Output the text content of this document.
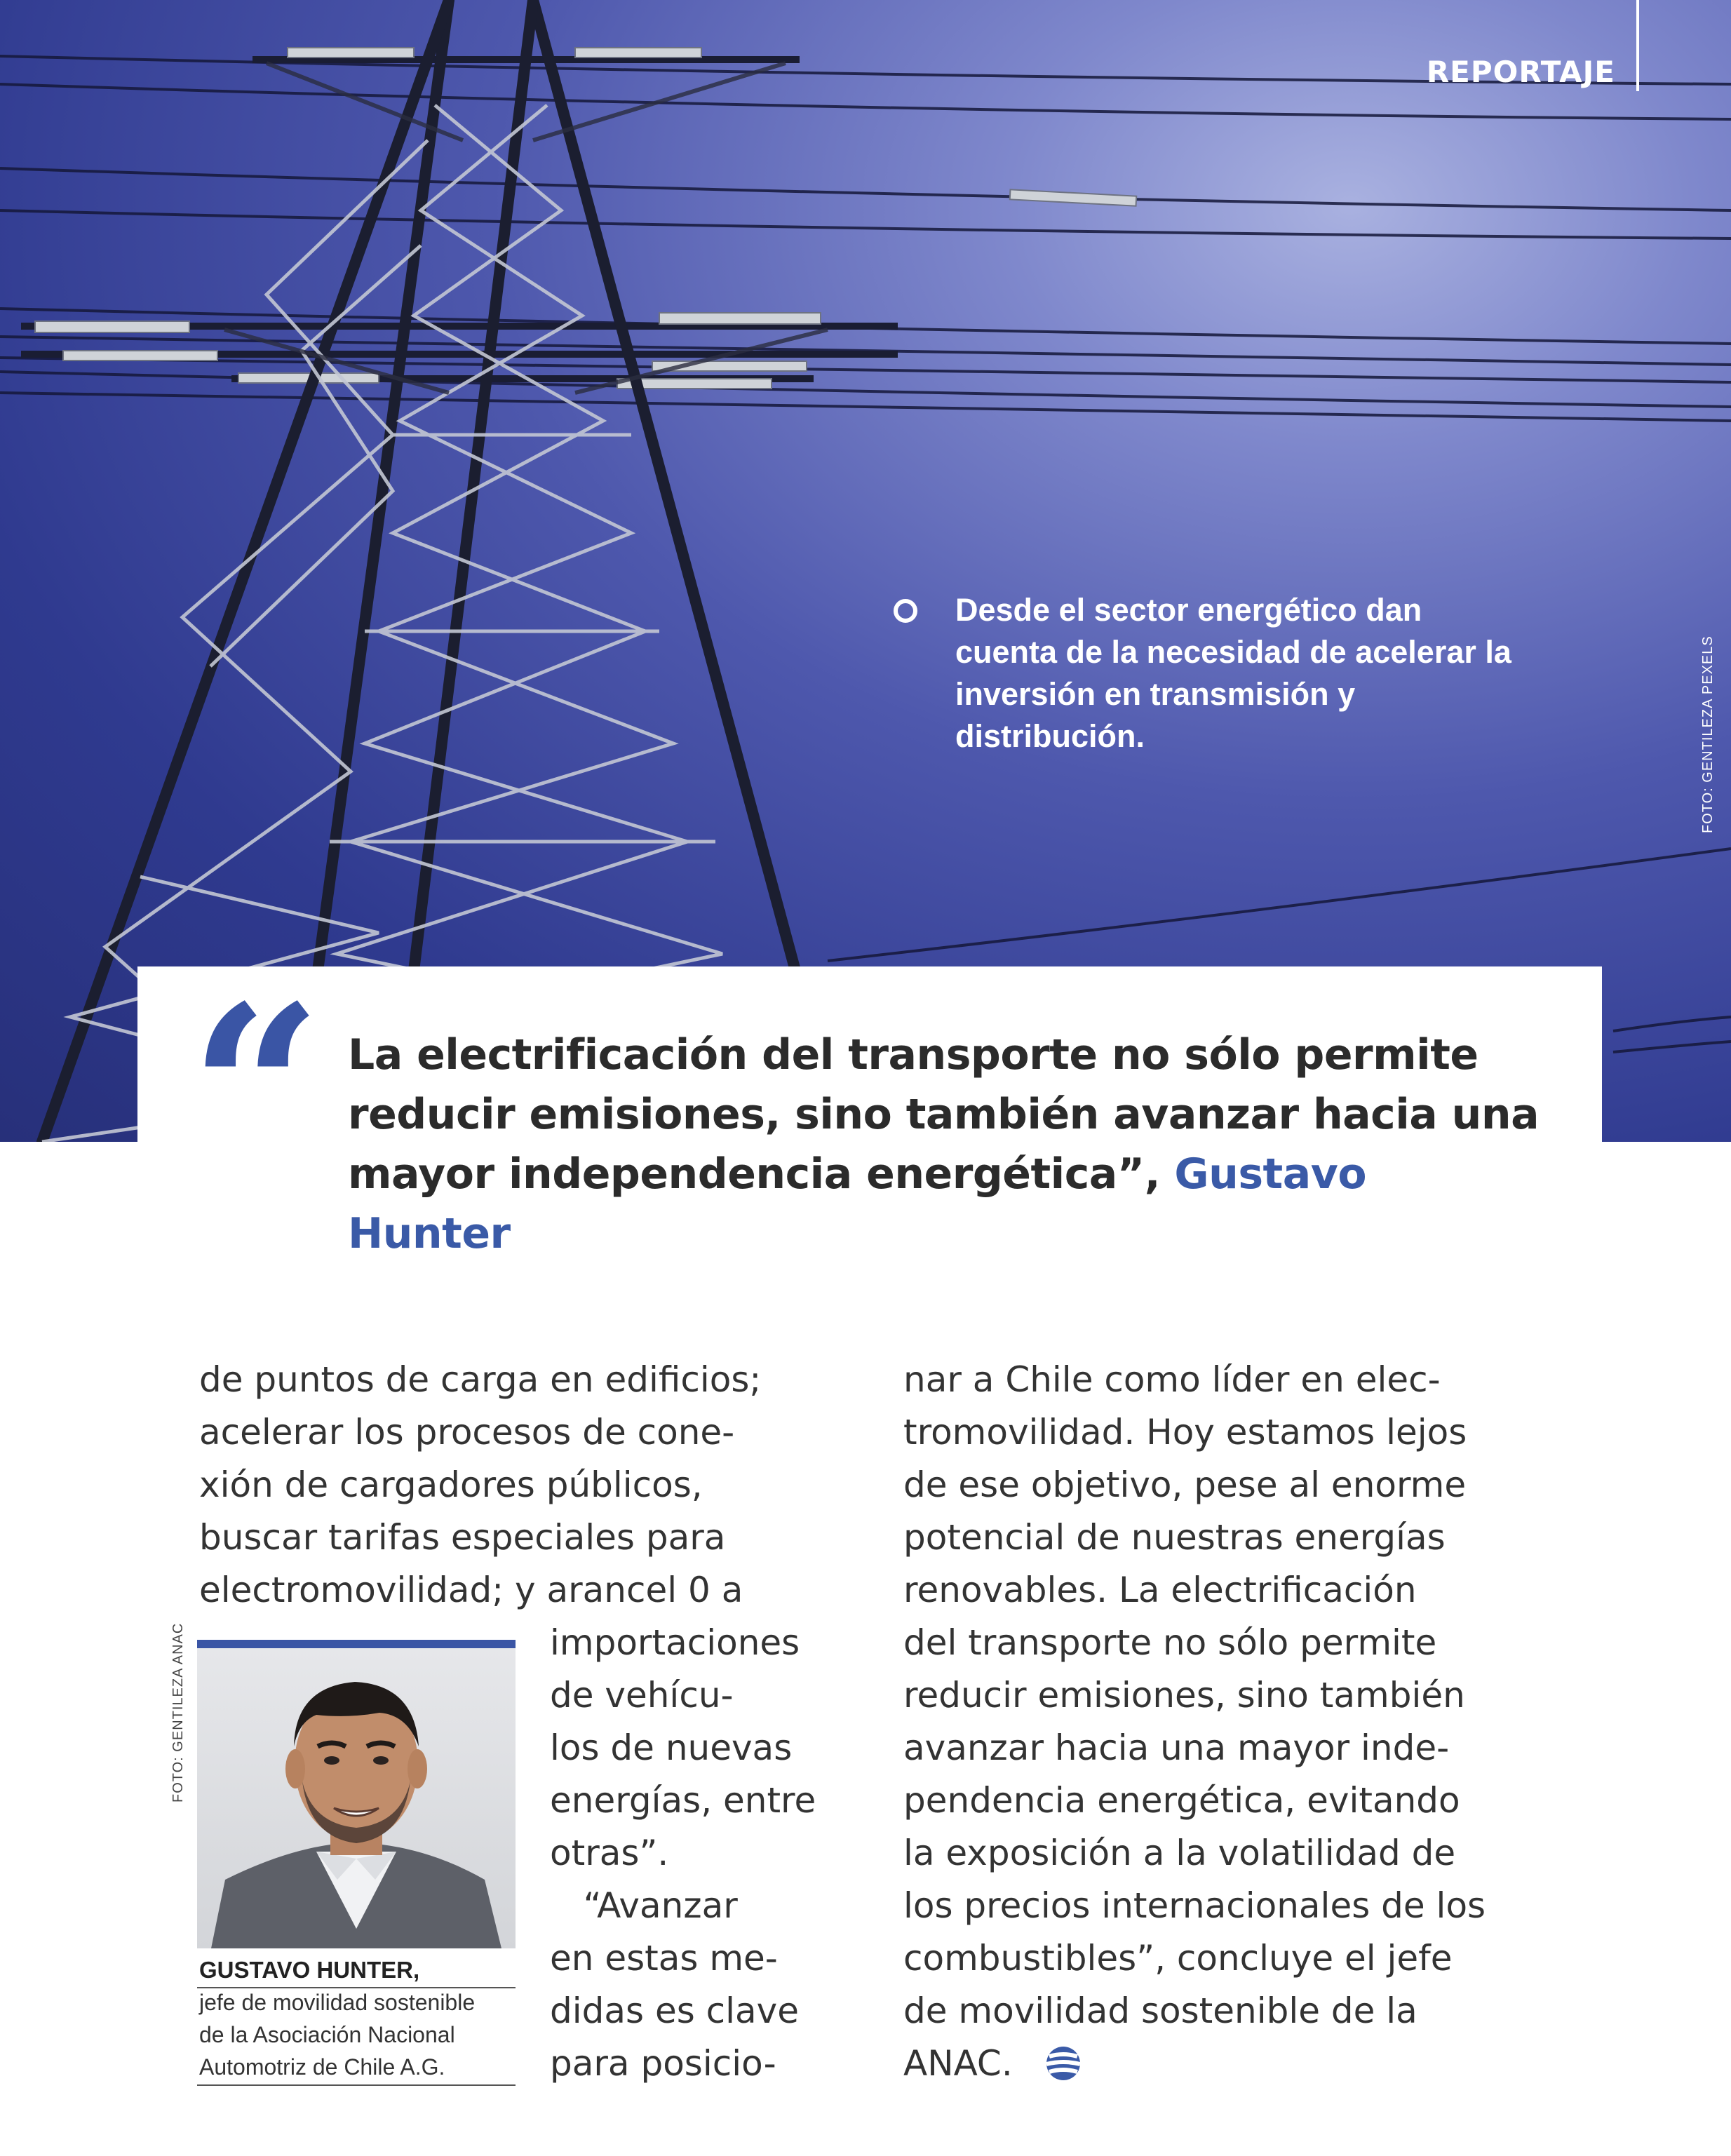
REPORTAJE
Desde el sector energético dan cuenta de la necesidad de acelerar la inversión en transmisión y distribución.	FOTO: GENTILEZA PEXELS
“ La electrificación del transporte no sólo permite reducir emisiones, sino también avanzar hacia una mayor independencia energética”, Gustavo Hunter

de puntos de carga en edificios;
acelerar los procesos de cone-
xión de cargadores públicos,
buscar tarifas especiales para
electromovilidad; y arancel 0 a

importaciones
de vehícu-
los de nuevas
energías, entre
otras”.
“Avanzar
en estas me-
didas es clave
para posicio-

nar a Chile como líder en elec-
tromovilidad. Hoy estamos lejos
de ese objetivo, pese al enorme
potencial de nuestras energías
renovables. La electrificación
del transporte no sólo permite
reducir emisiones, sino también
avanzar hacia una mayor inde-
pendencia energética, evitando
la exposición a la volatilidad de
los precios internacionales de los
combustibles”, concluye el jefe
de movilidad sostenible de la
ANAC.

FOTO: GENTILEZA ANAC
GUSTAVO HUNTER,
jefe de movilidad sostenible
de la Asociación Nacional
Automotriz de Chile A.G.
